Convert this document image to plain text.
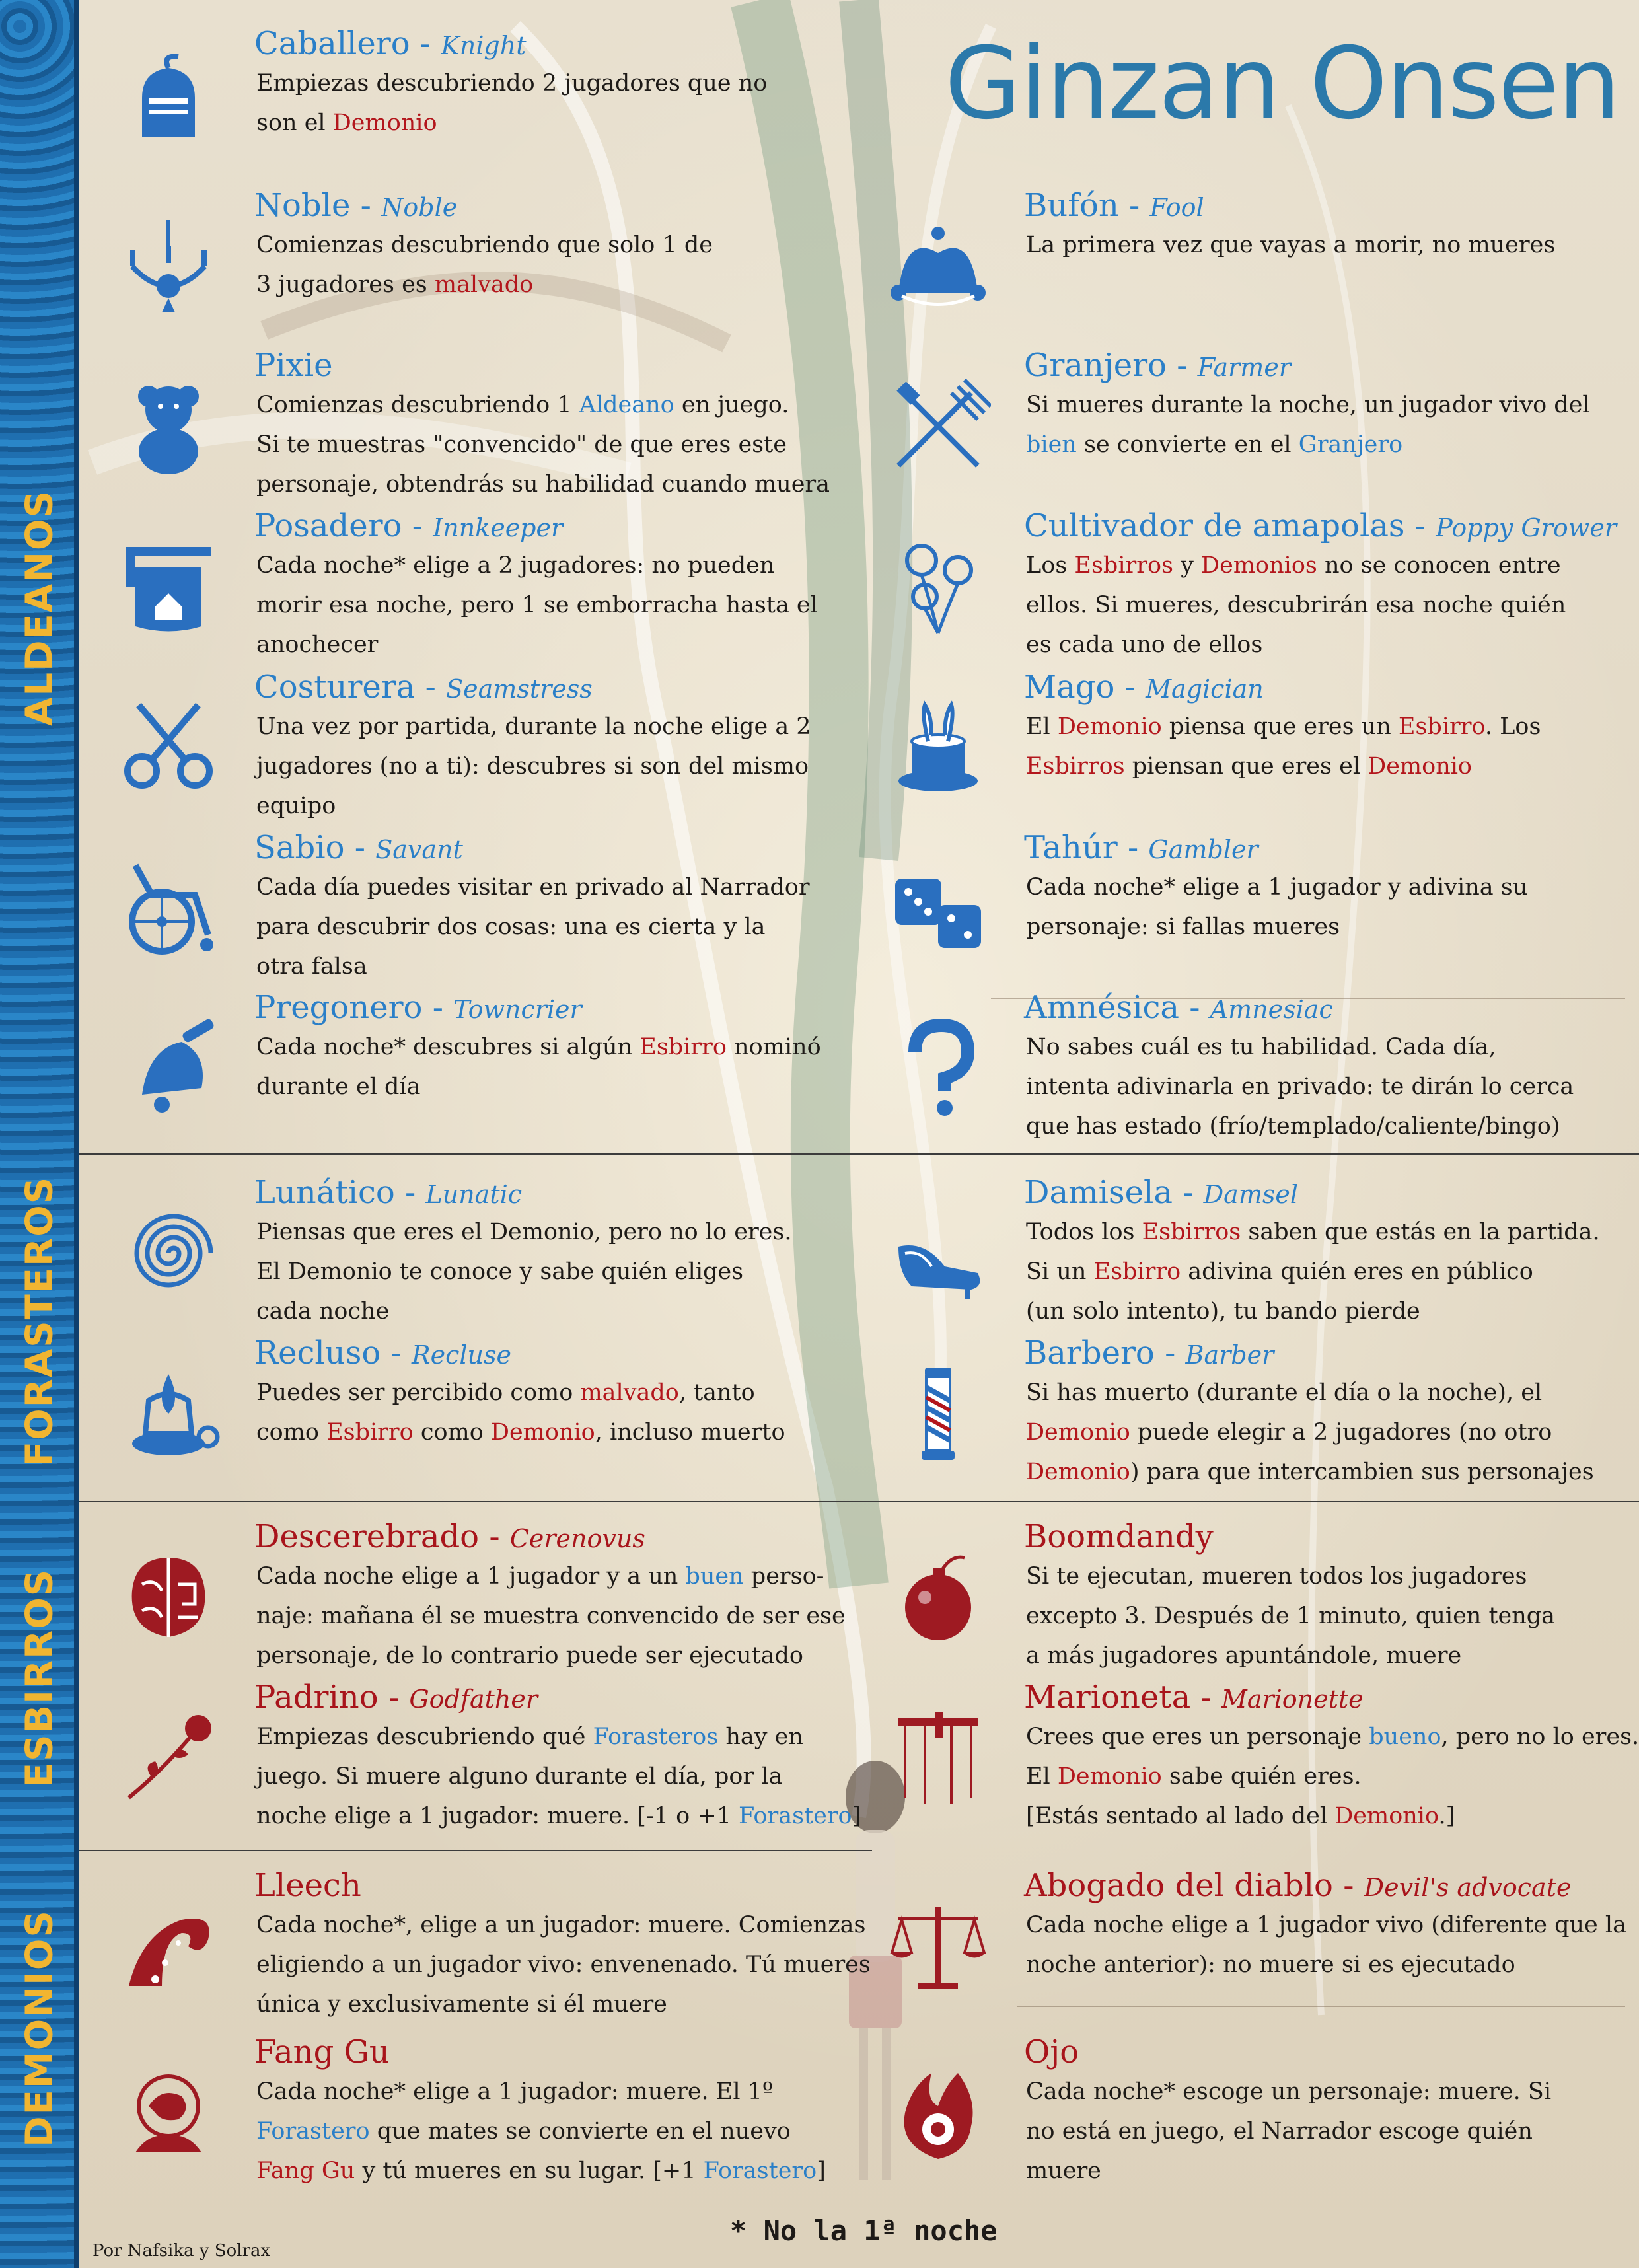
ALDEANOS
FORASTEROS
ESBIRROS
DEMONIOS
Ginzan Onsen
Caballero - Knight
Empiezas descubriendo 2 jugadores que no
son el Demonio
Noble - Noble
Comienzas descubriendo que solo 1 de
3 jugadores es malvado
Pixie
Comienzas descubriendo 1 Aldeano en juego.
Si te muestras "convencido" de que eres este
personaje, obtendrás su habilidad cuando muera
Posadero - Innkeeper
Cada noche* elige a 2 jugadores: no pueden
morir esa noche, pero 1 se emborracha hasta el
anochecer
Costurera - Seamstress
Una vez por partida, durante la noche elige a 2
jugadores (no a ti): descubres si son del mismo
equipo
Sabio - Savant
Cada día puedes visitar en privado al Narrador
para descubrir dos cosas: una es cierta y la
otra falsa
Pregonero - Towncrier
Cada noche* descubres si algún Esbirro nominó
durante el día
Lunático - Lunatic
Piensas que eres el Demonio, pero no lo eres.
El Demonio te conoce y sabe quién eliges
cada noche
Recluso - Recluse
Puedes ser percibido como malvado, tanto
como Esbirro como Demonio, incluso muerto
Descerebrado - Cerenovus
Cada noche elige a 1 jugador y a un buen perso-
naje: mañana él se muestra convencido de ser ese
personaje, de lo contrario puede ser ejecutado
Padrino - Godfather
Empiezas descubriendo qué Forasteros hay en
juego. Si muere alguno durante el día, por la
noche elige a 1 jugador: muere. [-1 o +1 Forastero]
Lleech
Cada noche*, elige a un jugador: muere. Comienzas
eligiendo a un jugador vivo: envenenado. Tú mueres
única y exclusivamente si él muere
Fang Gu
Cada noche* elige a 1 jugador: muere. El 1º
Forastero que mates se convierte en el nuevo
Fang Gu y tú mueres en su lugar. [+1 Forastero]
Bufón - Fool
La primera vez que vayas a morir, no mueres
Granjero - Farmer
Si mueres durante la noche, un jugador vivo del
bien se convierte en el Granjero
Cultivador de amapolas - Poppy Grower
Los Esbirros y Demonios no se conocen entre
ellos. Si mueres, descubrirán esa noche quién
es cada uno de ellos
Mago - Magician
El Demonio piensa que eres un Esbirro. Los
Esbirros piensan que eres el Demonio
Tahúr - Gambler
Cada noche* elige a 1 jugador y adivina su
personaje: si fallas mueres
Amnésica - Amnesiac
No sabes cuál es tu habilidad. Cada día,
intenta adivinarla en privado: te dirán lo cerca
que has estado (frío/templado/caliente/bingo)
Damisela - Damsel
Todos los Esbirros saben que estás en la partida.
Si un Esbirro adivina quién eres en público
(un solo intento), tu bando pierde
Barbero - Barber
Si has muerto (durante el día o la noche), el
Demonio puede elegir a 2 jugadores (no otro
Demonio) para que intercambien sus personajes
Boomdandy
Si te ejecutan, mueren todos los jugadores
excepto 3. Después de 1 minuto, quien tenga
a más jugadores apuntándole, muere
Marioneta - Marionette
Crees que eres un personaje bueno, pero no lo eres.
El Demonio sabe quién eres.
[Estás sentado al lado del Demonio.]
Abogado del diablo - Devil's advocate
Cada noche elige a 1 jugador vivo (diferente que la
noche anterior): no muere si es ejecutado
Ojo
Cada noche* escoge un personaje: muere. Si
no está en juego, el Narrador escoge quién
muere
* No la 1ª noche
Por Nafsika y Solrax
